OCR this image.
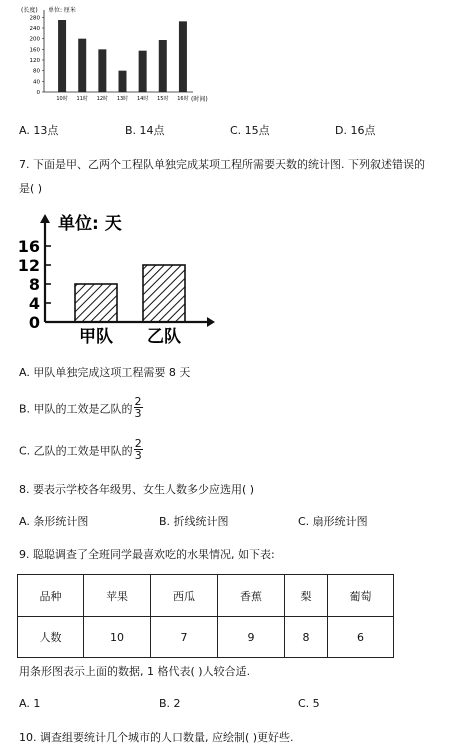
(长度) 单位: 厘米
(时间)
0
40
80
120
160
200
240
280
10时 11时 12时 13时 14时 15时 16时
A. 13点	B. 14点	C. 15点	D. 16点
7. 下面是甲、乙两个工程队单独完成某项工程所需要天数的统计图. 下列叙述错误的
是( )
单位: 天
0
4
8
12
16
甲队 乙队
A. 甲队单独完成这项工程需要 8 天
B. 甲队的工效是乙队的 $\frac{2}{3}$
C. 乙队的工效是甲队的 $\frac{2}{3}$
8. 要表示学校各年级男、女生人数多少应选用( )
A. 条形统计图	B. 折线统计图	C. 扇形统计图
9. 聪聪调查了全班同学最喜欢吃的水果情况, 如下表:
品种	苹果	西瓜	香蕉	梨	葡萄
人数	10	7	9	8	6
用条形图表示上面的数据, 1 格代表( )人较合适.
A. 1	B. 2	C. 5
10. 调查组要统计几个城市的人口数量, 应绘制( )更好些.
